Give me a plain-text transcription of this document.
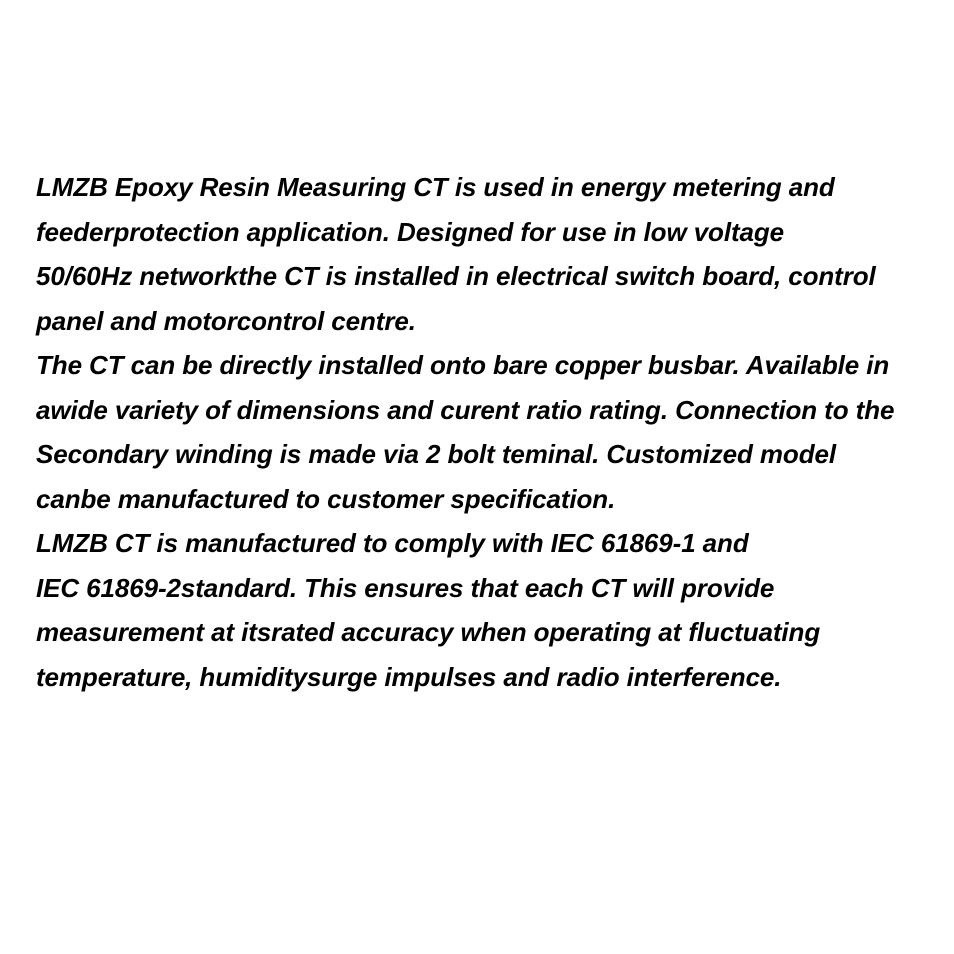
LMZB Epoxy Resin Measuring CT is used in energy metering and
feederprotection application. Designed for use in low voltage
50/60Hz networkthe CT is installed in electrical switch board, control
panel and motorcontrol centre.

The CT can be directly installed onto bare copper busbar. Available in
awide variety of dimensions and curent ratio rating. Connection to the
Secondary winding is made via 2 bolt teminal. Customized model
canbe manufactured to customer specification.

LMZB CT is manufactured to comply with IEC 61869-1 and
IEC 61869-2standard. This ensures that each CT will provide
measurement at itsrated accuracy when operating at fluctuating
temperature, humiditysurge impulses and radio interference.
